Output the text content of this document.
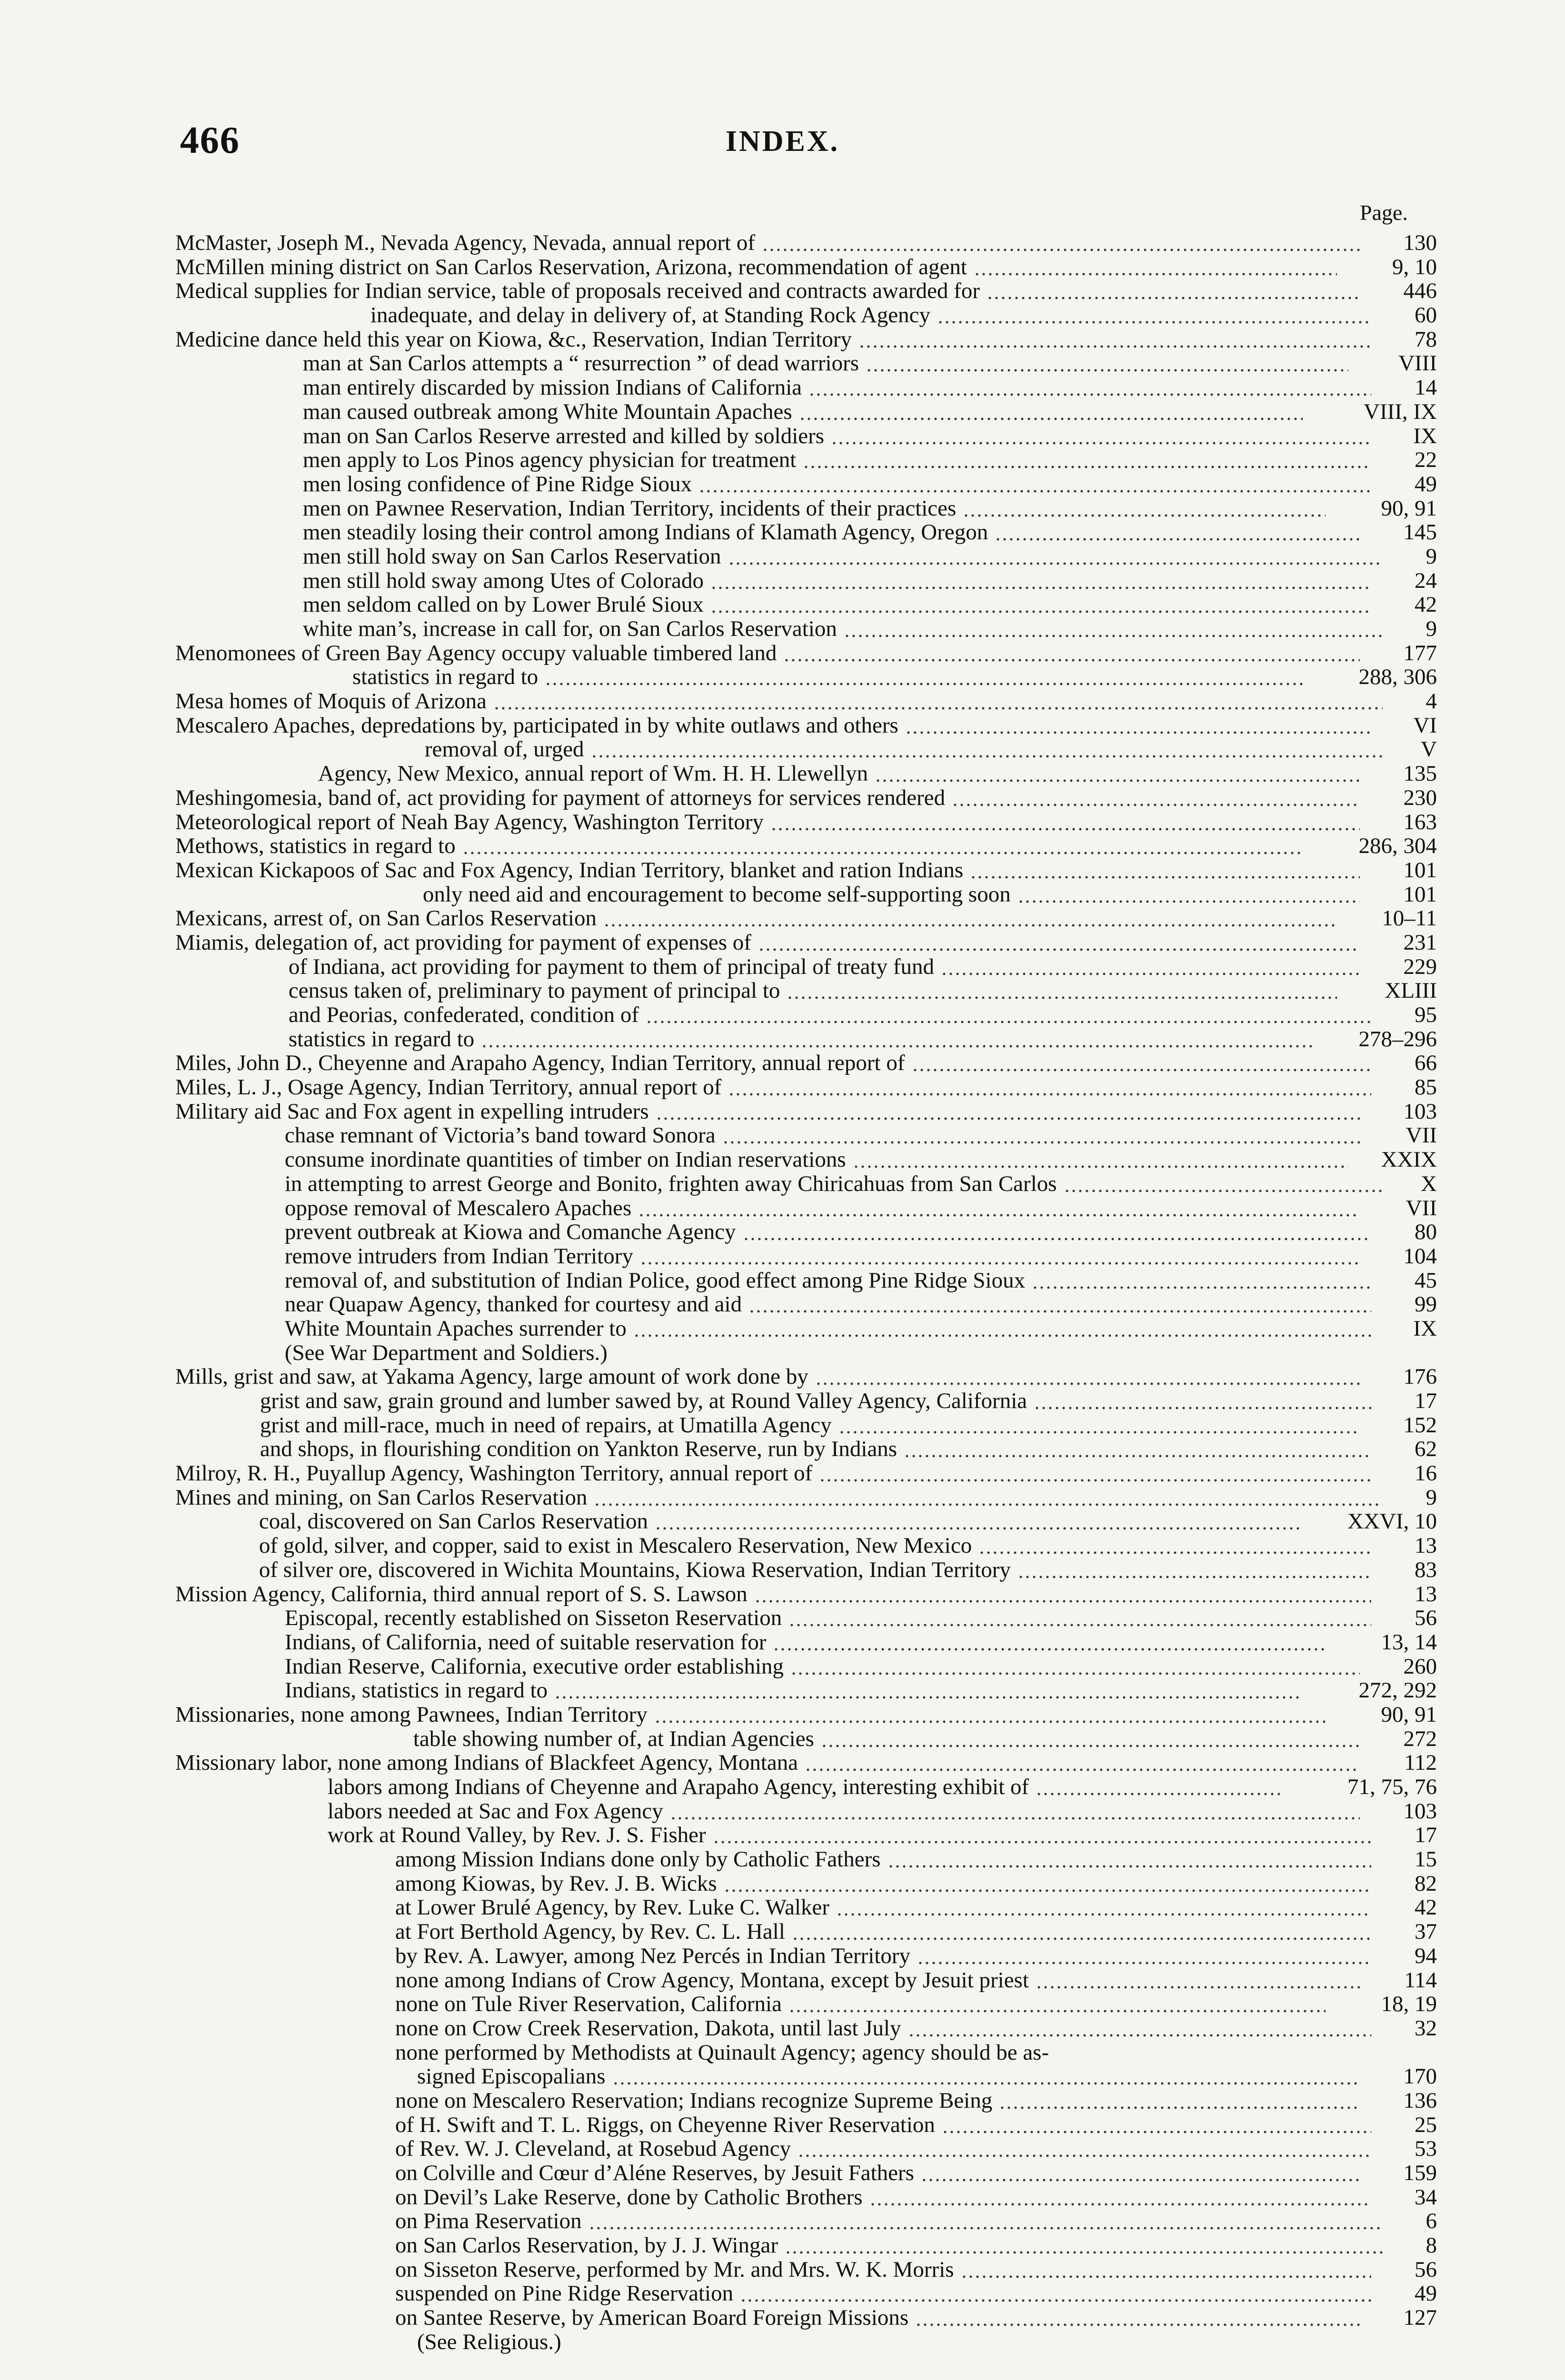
466	INDEX.
Page.
McMaster, Joseph M., Nevada Agency, Nevada, annual report of	130
McMillen mining district on San Carlos Reservation, Arizona, recommendation of agent	9, 10
Medical supplies for Indian service, table of proposals received and contracts awarded for	446
inadequate, and delay in delivery of, at Standing Rock Agency	60
Medicine dance held this year on Kiowa, &c., Reservation, Indian Territory	78
man at San Carlos attempts a “ resurrection ” of dead warriors	VIII
man entirely discarded by mission Indians of California	14
man caused outbreak among White Mountain Apaches	VIII, IX
man on San Carlos Reserve arrested and killed by soldiers	IX
men apply to Los Pinos agency physician for treatment	22
men losing confidence of Pine Ridge Sioux	49
men on Pawnee Reservation, Indian Territory, incidents of their practices	90, 91
men steadily losing their control among Indians of Klamath Agency, Oregon	145
men still hold sway on San Carlos Reservation	9
men still hold sway among Utes of Colorado	24
men seldom called on by Lower Brulé Sioux	42
white man’s, increase in call for, on San Carlos Reservation	9
Menomonees of Green Bay Agency occupy valuable timbered land	177
statistics in regard to	288, 306
Mesa homes of Moquis of Arizona	4
Mescalero Apaches, depredations by, participated in by white outlaws and others	VI
removal of, urged	V
Agency, New Mexico, annual report of Wm. H. H. Llewellyn	135
Meshingomesia, band of, act providing for payment of attorneys for services rendered	230
Meteorological report of Neah Bay Agency, Washington Territory	163
Methows, statistics in regard to	286, 304
Mexican Kickapoos of Sac and Fox Agency, Indian Territory, blanket and ration Indians	101
only need aid and encouragement to become self-supporting soon	101
Mexicans, arrest of, on San Carlos Reservation	10–11
Miamis, delegation of, act providing for payment of expenses of	231
of Indiana, act providing for payment to them of principal of treaty fund	229
census taken of, preliminary to payment of principal to	XLIII
and Peorias, confederated, condition of	95
statistics in regard to	278–296
Miles, John D., Cheyenne and Arapaho Agency, Indian Territory, annual report of	66
Miles, L. J., Osage Agency, Indian Territory, annual report of	85
Military aid Sac and Fox agent in expelling intruders	103
chase remnant of Victoria’s band toward Sonora	VII
consume inordinate quantities of timber on Indian reservations	XXIX
in attempting to arrest George and Bonito, frighten away Chiricahuas from San Carlos	X
oppose removal of Mescalero Apaches	VII
prevent outbreak at Kiowa and Comanche Agency	80
remove intruders from Indian Territory	104
removal of, and substitution of Indian Police, good effect among Pine Ridge Sioux	45
near Quapaw Agency, thanked for courtesy and aid	99
White Mountain Apaches surrender to	IX
(See War Department and Soldiers.)
Mills, grist and saw, at Yakama Agency, large amount of work done by	176
grist and saw, grain ground and lumber sawed by, at Round Valley Agency, California	17
grist and mill-race, much in need of repairs, at Umatilla Agency	152
and shops, in flourishing condition on Yankton Reserve, run by Indians	62
Milroy, R. H., Puyallup Agency, Washington Territory, annual report of	16
Mines and mining, on San Carlos Reservation	9
coal, discovered on San Carlos Reservation	XXVI, 10
of gold, silver, and copper, said to exist in Mescalero Reservation, New Mexico	13
of silver ore, discovered in Wichita Mountains, Kiowa Reservation, Indian Territory	83
Mission Agency, California, third annual report of S. S. Lawson	13
Episcopal, recently established on Sisseton Reservation	56
Indians, of California, need of suitable reservation for	13, 14
Indian Reserve, California, executive order establishing	260
Indians, statistics in regard to	272, 292
Missionaries, none among Pawnees, Indian Territory	90, 91
table showing number of, at Indian Agencies	272
Missionary labor, none among Indians of Blackfeet Agency, Montana	112
labors among Indians of Cheyenne and Arapaho Agency, interesting exhibit of	71, 75, 76
labors needed at Sac and Fox Agency	103
work at Round Valley, by Rev. J. S. Fisher	17
among Mission Indians done only by Catholic Fathers	15
among Kiowas, by Rev. J. B. Wicks	82
at Lower Brulé Agency, by Rev. Luke C. Walker	42
at Fort Berthold Agency, by Rev. C. L. Hall	37
by Rev. A. Lawyer, among Nez Percés in Indian Territory	94
none among Indians of Crow Agency, Montana, except by Jesuit priest	114
none on Tule River Reservation, California	18, 19
none on Crow Creek Reservation, Dakota, until last July	32
none performed by Methodists at Quinault Agency; agency should be as-
signed Episcopalians	170
none on Mescalero Reservation; Indians recognize Supreme Being	136
of H. Swift and T. L. Riggs, on Cheyenne River Reservation	25
of Rev. W. J. Cleveland, at Rosebud Agency	53
on Colville and Cœur d’Aléne Reserves, by Jesuit Fathers	159
on Devil’s Lake Reserve, done by Catholic Brothers	34
on Pima Reservation	6
on San Carlos Reservation, by J. J. Wingar	8
on Sisseton Reserve, performed by Mr. and Mrs. W. K. Morris	56
suspended on Pine Ridge Reservation	49
on Santee Reserve, by American Board Foreign Missions	127
(See Religious.)
